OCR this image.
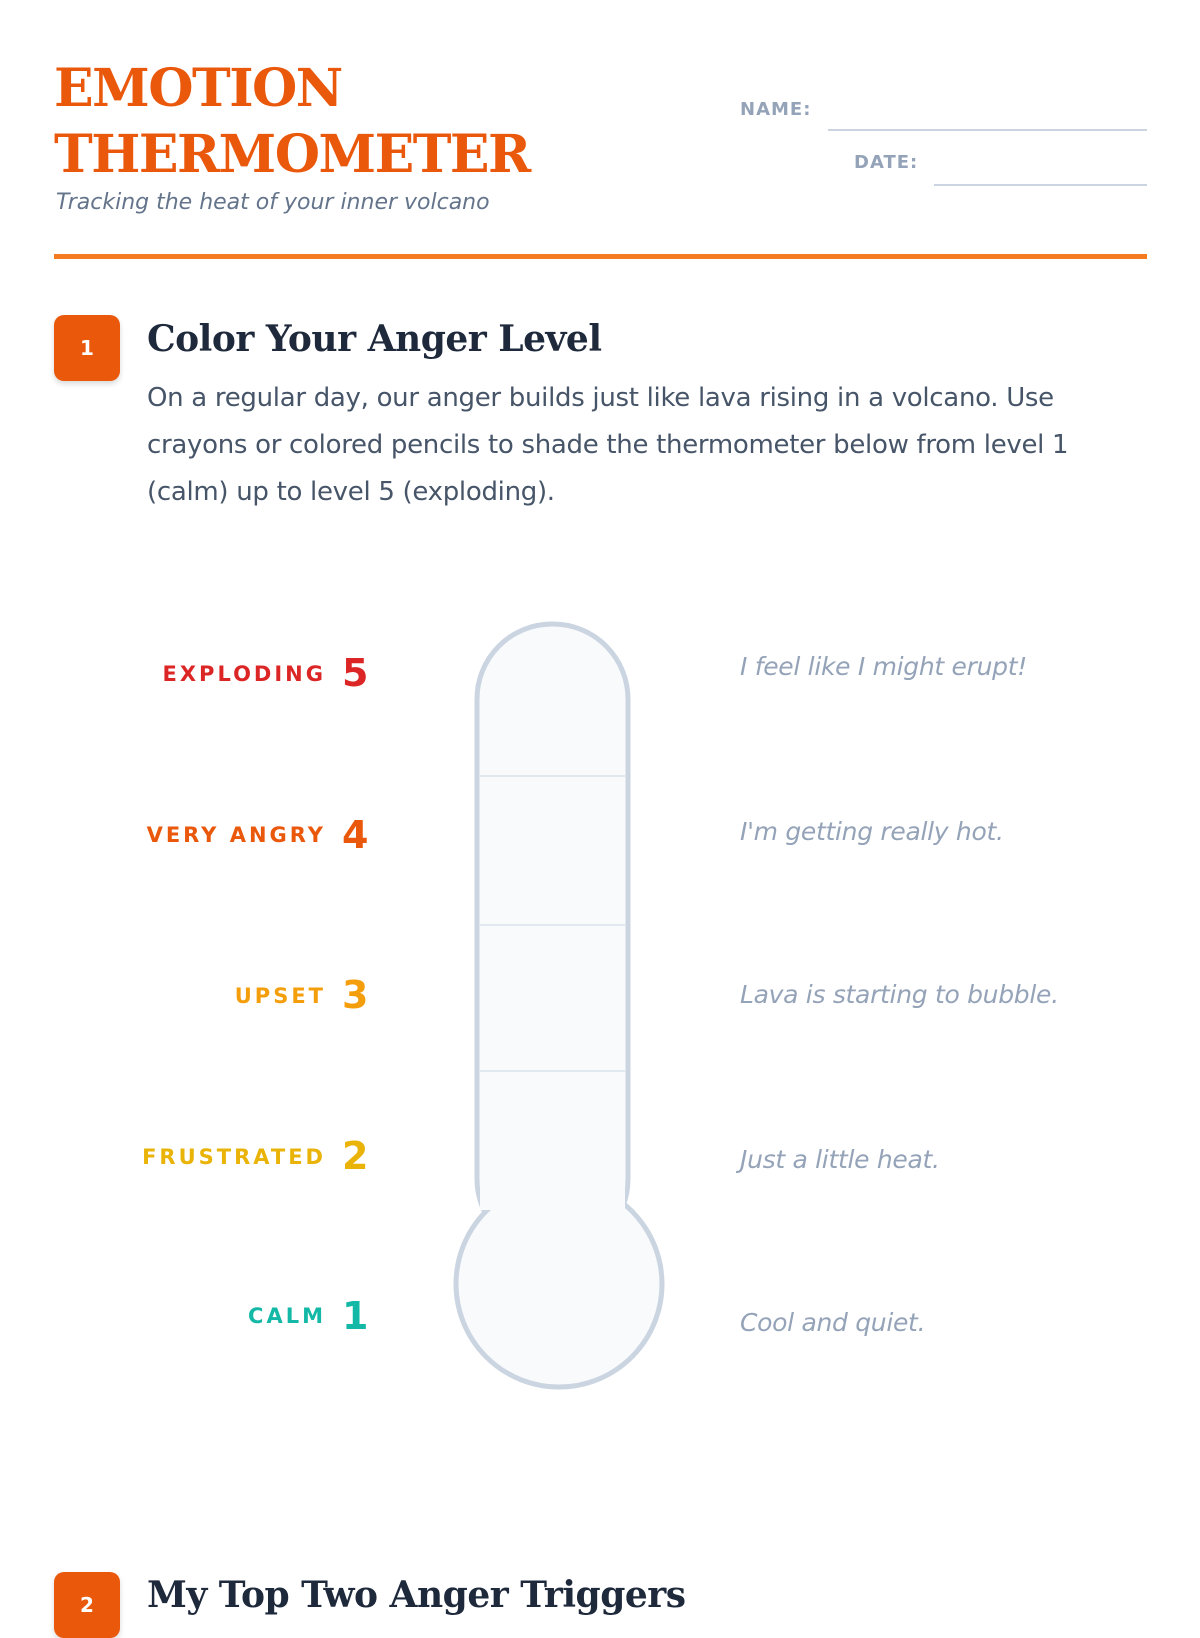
EMOTION
THERMOMETER
Tracking the heat of your inner volcano
NAME:
DATE:
1	Color Your Anger Level
On a regular day, our anger builds just like lava rising in a volcano. Use crayons or colored pencils to shade the thermometer below from level 1 (calm) up to level 5 (exploding).
EXPLODING 5	I feel like I might erupt!
VERY ANGRY 4	I'm getting really hot.
UPSET 3	Lava is starting to bubble.
FRUSTRATED 2	Just a little heat.
CALM 1	Cool and quiet.
2	My Top Two Anger Triggers
